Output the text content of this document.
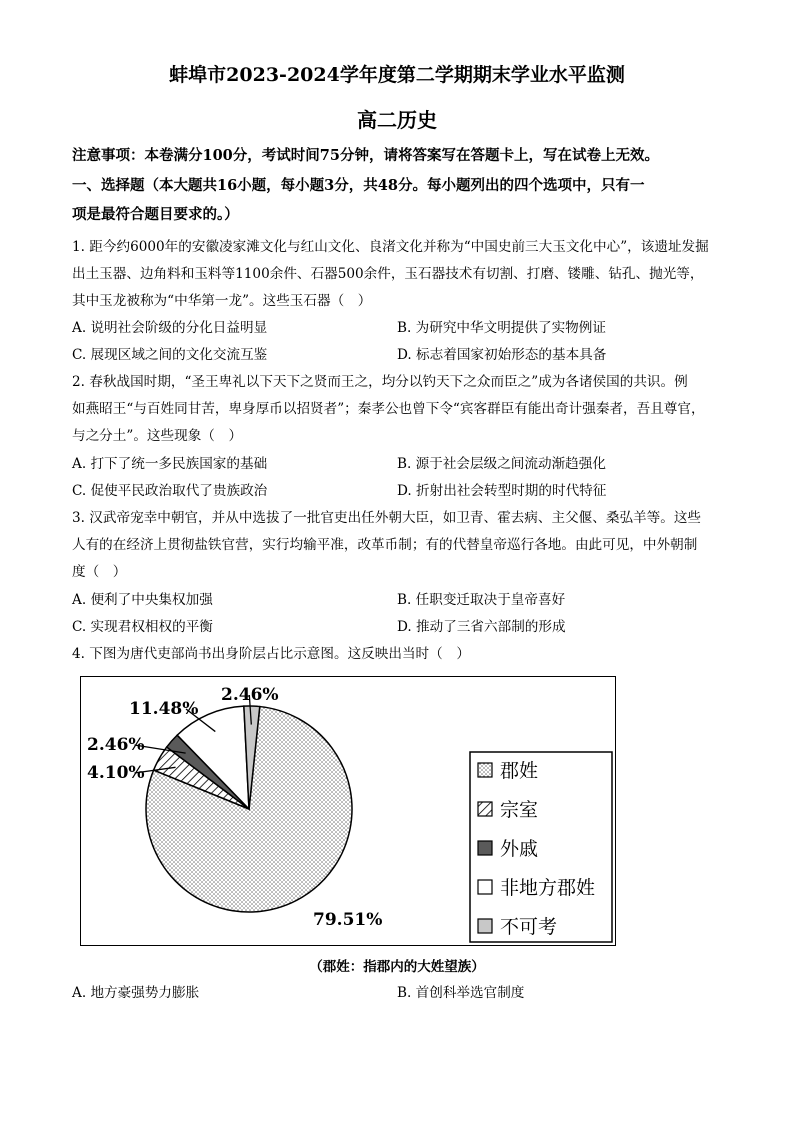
蚌埠市2023-2024学年度第二学期期末学业水平监测
高二历史
注意事项：本卷满分100分，考试时间75分钟，请将答案写在答题卡上，写在试卷上无效。
一、选择题（本大题共16小题，每小题3分，共48分。每小题列出的四个选项中，只有一
项是最符合题目要求的。）
1. 距今约6000年的安徽凌家滩文化与红山文化、良渚文化并称为“中国史前三大玉文化中心”，该遗址发掘
出土玉器、边角料和玉料等1100余件、石器500余件，玉石器技术有切割、打磨、镂雕、钻孔、抛光等，
其中玉龙被称为“中华第一龙”。这些玉石器（　）
A. 说明社会阶级的分化日益明显	B. 为研究中华文明提供了实物例证
C. 展现区域之间的文化交流互鉴	D. 标志着国家初始形态的基本具备
2. 春秋战国时期，“圣王卑礼以下天下之贤而王之，均分以钓天下之众而臣之”成为各诸侯国的共识。例
如燕昭王“与百姓同甘苦，卑身厚币以招贤者”；秦孝公也曾下令“宾客群臣有能出奇计强秦者，吾且尊官，
与之分土”。这些现象（　）
A. 打下了统一多民族国家的基础	B. 源于社会层级之间流动渐趋强化
C. 促使平民政治取代了贵族政治	D. 折射出社会转型时期的时代特征
3. 汉武帝宠幸中朝官，并从中选拔了一批官吏出任外朝大臣，如卫青、霍去病、主父偃、桑弘羊等。这些
人有的在经济上贯彻盐铁官营，实行均输平准，改革币制；有的代替皇帝巡行各地。由此可见，中外朝制
度（　）
A. 便利了中央集权加强	B. 任职变迁取决于皇帝喜好
C. 实现君权相权的平衡	D. 推动了三省六部制的形成
4. 下图为唐代吏部尚书出身阶层占比示意图。这反映出当时（　）
79.51%
4.10%
2.46%
11.48%
2.46%
郡姓
宗室
外戚
非地方郡姓
不可考
（郡姓：指郡内的大姓望族）
A. 地方豪强势力膨胀	B. 首创科举选官制度
